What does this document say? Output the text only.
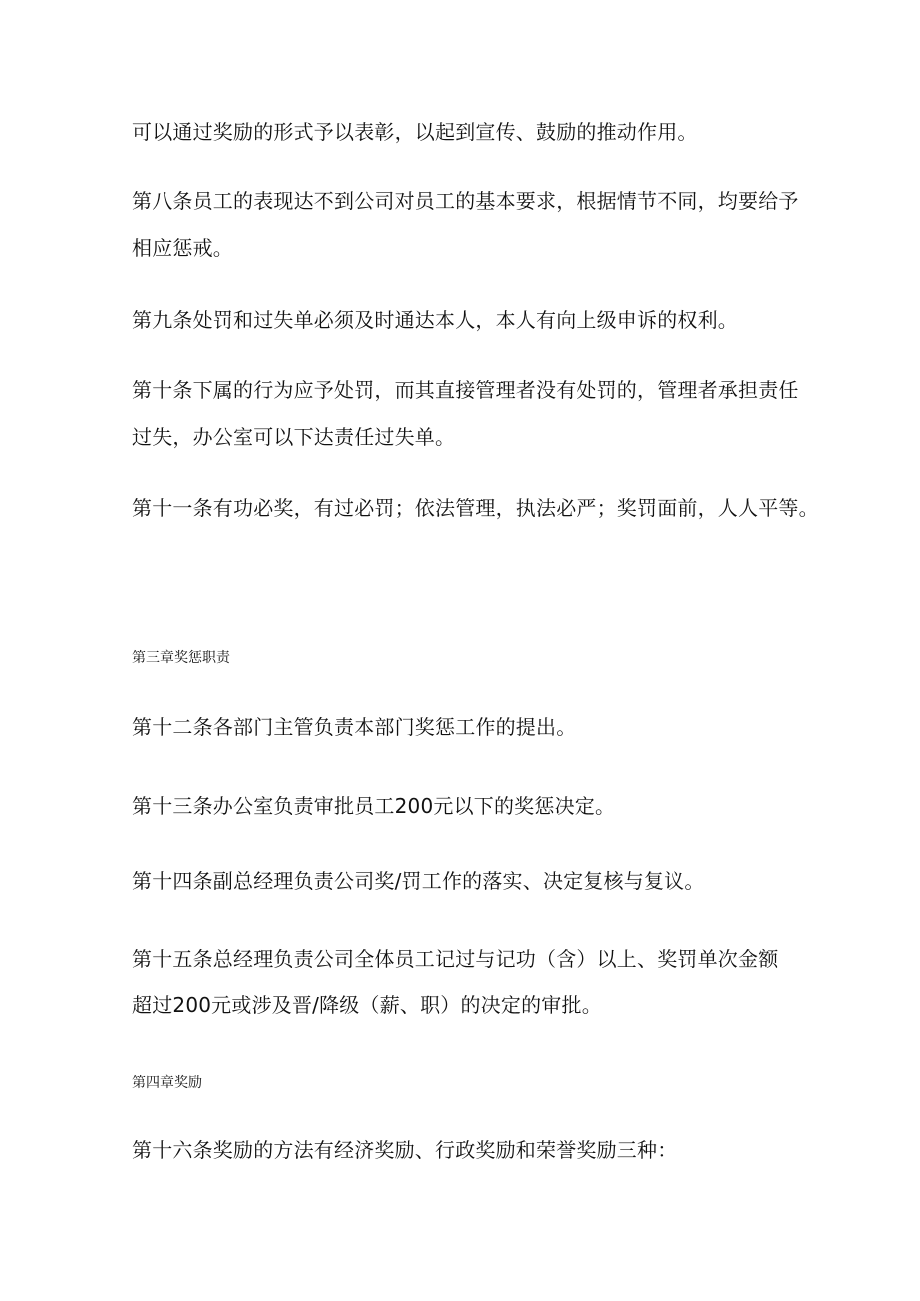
可以通过奖励的形式予以表彰，以起到宣传、鼓励的推动作用。
第八条员工的表现达不到公司对员工的基本要求，根据情节不同，均要给予
相应惩戒。
第九条处罚和过失单必须及时通达本人，本人有向上级申诉的权利。
第十条下属的行为应予处罚，而其直接管理者没有处罚的，管理者承担责任
过失，办公室可以下达责任过失单。
第十一条有功必奖，有过必罚；依法管理，执法必严；奖罚面前，人人平等。
第三章奖惩职责
第十二条各部门主管负责本部门奖惩工作的提出。
第十三条办公室负责审批员工200元以下的奖惩决定。
第十四条副总经理负责公司奖/罚工作的落实、决定复核与复议。
第十五条总经理负责公司全体员工记过与记功（含）以上、奖罚单次金额
超过200元或涉及晋/降级（薪、职）的决定的审批。
第四章奖励
第十六条奖励的方法有经济奖励、行政奖励和荣誉奖励三种：
